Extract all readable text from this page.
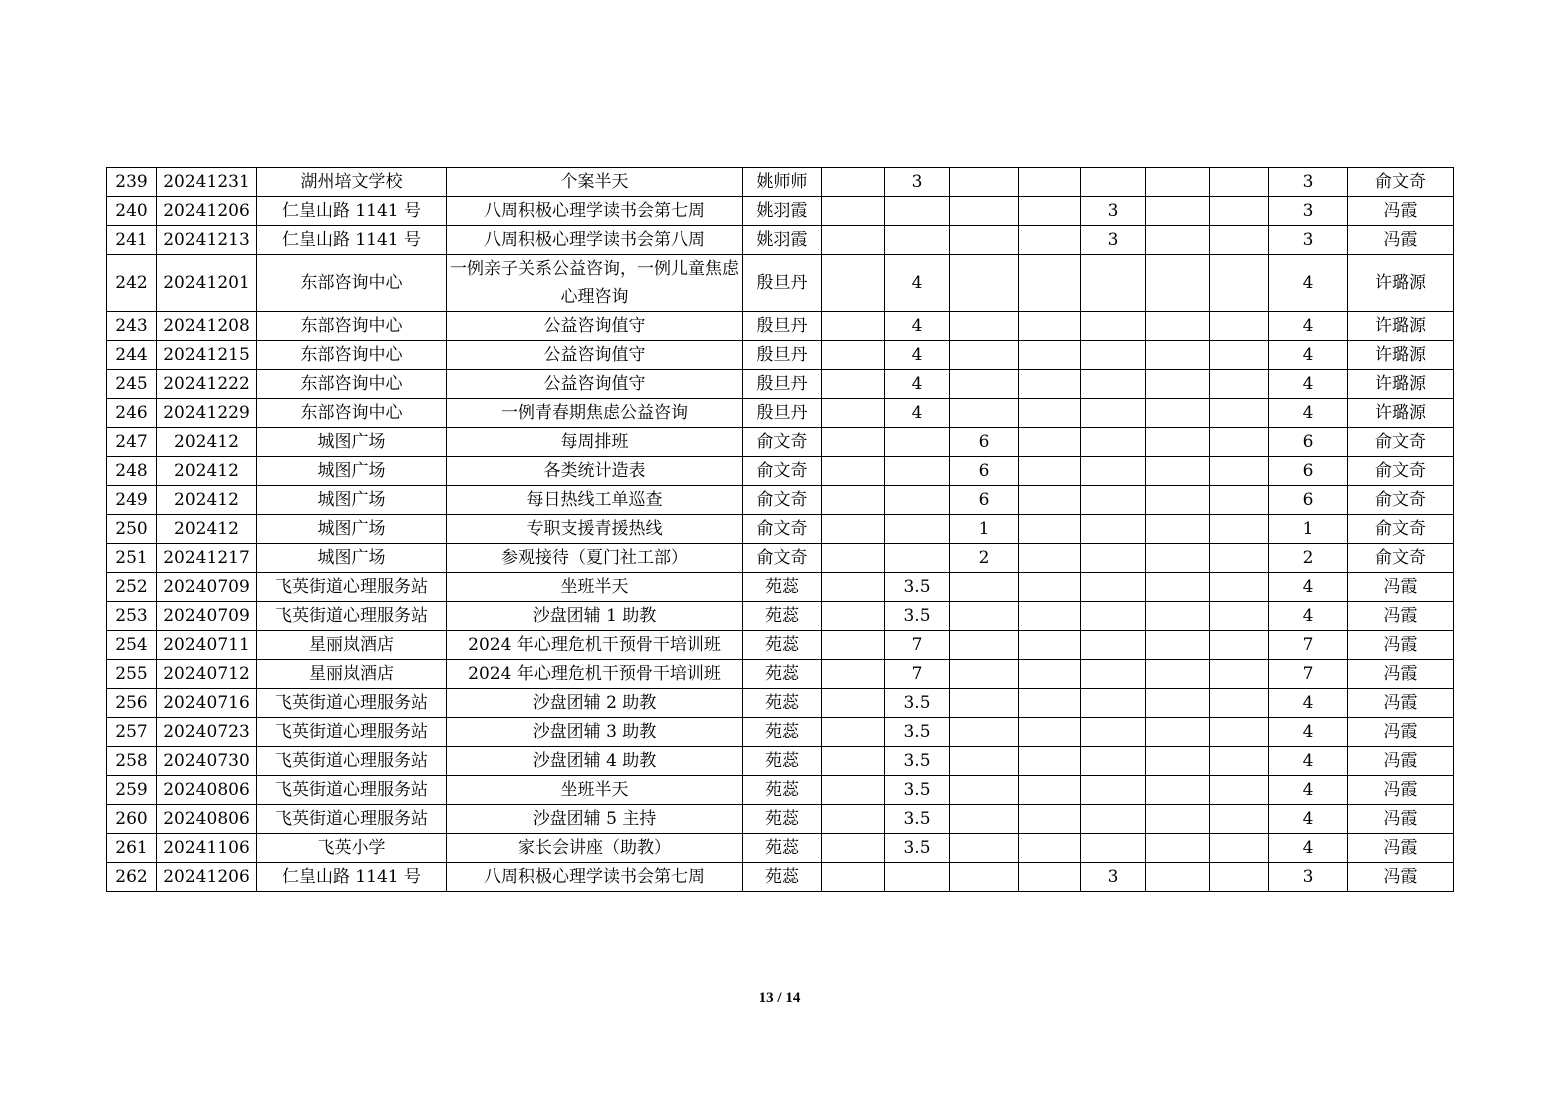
239	20241231	湖州培文学校	个案半天	姚师师		3						3	俞文奇
240	20241206	仁皇山路 1141 号	八周积极心理学读书会第七周	姚羽霞					3			3	冯霞
241	20241213	仁皇山路 1141 号	八周积极心理学读书会第八周	姚羽霞					3			3	冯霞
242	20241201	东部咨询中心	一例亲子关系公益咨询，一例儿童焦虑心理咨询	殷旦丹		4						4	许璐源
243	20241208	东部咨询中心	公益咨询值守	殷旦丹		4						4	许璐源
244	20241215	东部咨询中心	公益咨询值守	殷旦丹		4						4	许璐源
245	20241222	东部咨询中心	公益咨询值守	殷旦丹		4						4	许璐源
246	20241229	东部咨询中心	一例青春期焦虑公益咨询	殷旦丹		4						4	许璐源
247	202412	城图广场	每周排班	俞文奇			6					6	俞文奇
248	202412	城图广场	各类统计造表	俞文奇			6					6	俞文奇
249	202412	城图广场	每日热线工单巡查	俞文奇			6					6	俞文奇
250	202412	城图广场	专职支援青援热线	俞文奇			1					1	俞文奇
251	20241217	城图广场	参观接待（夏门社工部）	俞文奇			2					2	俞文奇
252	20240709	飞英街道心理服务站	坐班半天	苑蕊		3.5						4	冯霞
253	20240709	飞英街道心理服务站	沙盘团辅 1 助教	苑蕊		3.5						4	冯霞
254	20240711	星丽岚酒店	2024 年心理危机干预骨干培训班	苑蕊		7						7	冯霞
255	20240712	星丽岚酒店	2024 年心理危机干预骨干培训班	苑蕊		7						7	冯霞
256	20240716	飞英街道心理服务站	沙盘团辅 2 助教	苑蕊		3.5						4	冯霞
257	20240723	飞英街道心理服务站	沙盘团辅 3 助教	苑蕊		3.5						4	冯霞
258	20240730	飞英街道心理服务站	沙盘团辅 4 助教	苑蕊		3.5						4	冯霞
259	20240806	飞英街道心理服务站	坐班半天	苑蕊		3.5						4	冯霞
260	20240806	飞英街道心理服务站	沙盘团辅 5 主持	苑蕊		3.5						4	冯霞
261	20241106	飞英小学	家长会讲座（助教）	苑蕊		3.5						4	冯霞
262	20241206	仁皇山路 1141 号	八周积极心理学读书会第七周	苑蕊					3			3	冯霞
13 / 14
